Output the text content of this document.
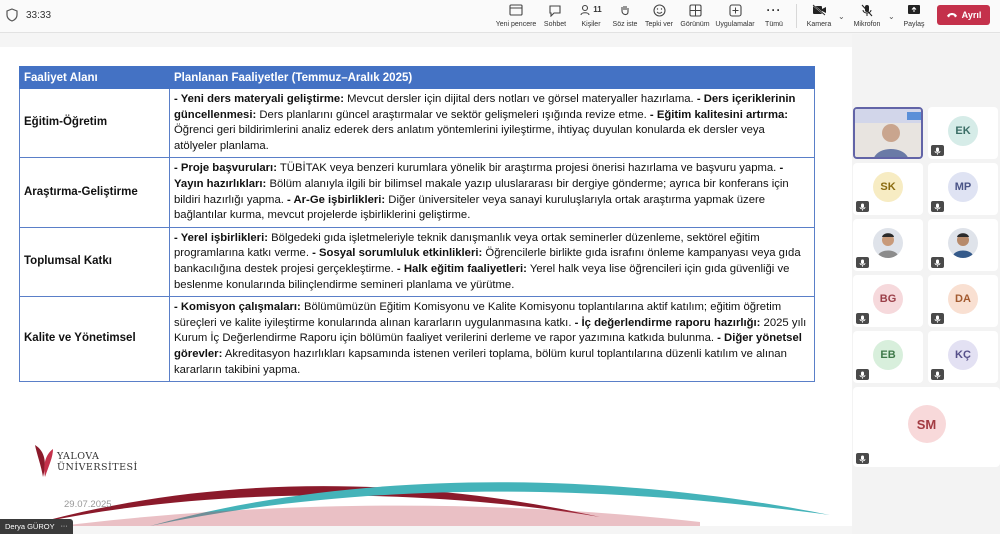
33:33
Yeni pencere Sohbet
11
Kişiler Söz iste Tepki ver Görünüm Uygulamalar
···
Tümü	Kamera
⌄
Mikrofon
⌄
Paylaş
Ayrıl
Faaliyet Alanı	Planlanan Faaliyetler (Temmuz–Aralık 2025)
Eğitim-Öğretim	- Yeni ders materyali geliştirme: Mevcut dersler için dijital ders notları ve görsel materyaller hazırlama. - Ders içeriklerinin güncellenmesi: Ders planlarını güncel araştırmalar ve sektör gelişmeleri ışığında revize etme. - Eğitim kalitesini artırma: Öğrenci geri bildirimlerini analiz ederek ders anlatım yöntemlerini iyileştirme, ihtiyaç duyulan konularda ek dersler veya atölyeler planlama.
Araştırma-Geliştirme	- Proje başvuruları: TÜBİTAK veya benzeri kurumlara yönelik bir araştırma projesi önerisi hazırlama ve başvuru yapma. - Yayın hazırlıkları: Bölüm alanıyla ilgili bir bilimsel makale yazıp uluslararası bir dergiye gönderme; ayrıca bir konferans için bildiri hazırlığı yapma. - Ar-Ge işbirlikleri: Diğer üniversiteler veya sanayi kuruluşlarıyla ortak araştırma yapmak üzere bağlantılar kurma, mevcut projelerde işbirliklerini geliştirme.
Toplumsal Katkı	- Yerel işbirlikleri: Bölgedeki gıda işletmeleriyle teknik danışmanlık veya ortak seminerler düzenleme, sektörel eğitim programlarına katkı verme. - Sosyal sorumluluk etkinlikleri: Öğrencilerle birlikte gıda israfını önleme kampanyası veya gıda bankacılığına destek projesi gerçekleştirme. - Halk eğitim faaliyetleri: Yerel halk veya lise öğrencileri için gıda güvenliği ve beslenme konularında bilinçlendirme semineri planlama ve yürütme.
Kalite ve Yönetimsel	- Komisyon çalışmaları: Bölümümüzün Eğitim Komisyonu ve Kalite Komisyonu toplantılarına aktif katılım; eğitim öğretim süreçleri ve kalite iyileştirme konularında alınan kararların uygulanmasına katkı. - İç değerlendirme raporu hazırlığı: 2025 yılı Kurum İç Değerlendirme Raporu için bölümün faaliyet verilerini derleme ve rapor yazımına katkıda bulunma. - Diğer yönetsel görevler: Akreditasyon hazırlıkları kapsamında istenen verileri toplama, bölüm kurul toplantılarına düzenli katılım ve alınan kararların takibini yapma.
YALOVA
ÜNİVERSİTESİ
29.07.2025
EK
SK	MP
BG	DA
EB	KÇ
SM
Derya GÜROY ···
